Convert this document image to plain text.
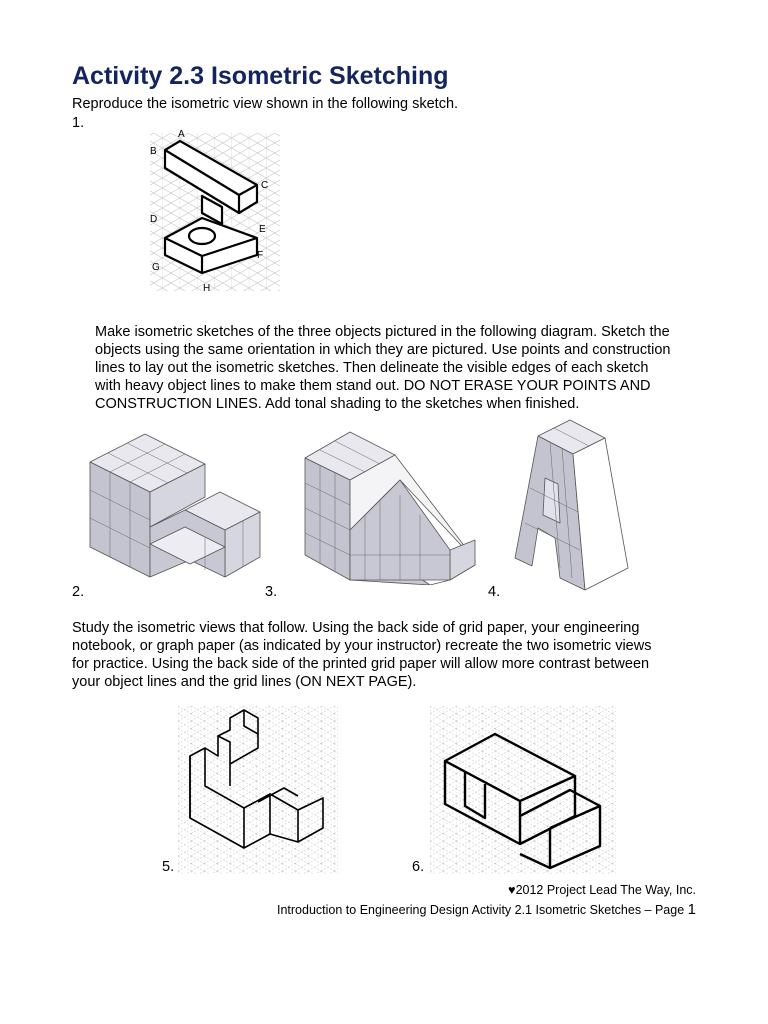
Activity 2.3 Isometric Sketching
Reproduce the isometric view shown in the following sketch.
1.
A
B
C
D
E
F
G
H
Make isometric sketches of the three objects pictured in the following diagram. Sketch the
objects using the same orientation in which they are pictured. Use points and construction
lines to lay out the isometric sketches. Then delineate the visible edges of each sketch
with heavy object lines to make them stand out. DO NOT ERASE YOUR POINTS AND
CONSTRUCTION LINES. Add tonal shading to the sketches when finished.
2.	3.	4.
Study the isometric views that follow. Using the back side of grid paper, your engineering
notebook, or graph paper (as indicated by your instructor) recreate the two isometric views
for practice. Using the back side of the printed grid paper will allow more contrast between
your object lines and the grid lines (ON NEXT PAGE).
5.	6.
♥2012 Project Lead The Way, Inc.
Introduction to Engineering Design Activity 2.1 Isometric Sketches – Page 1
